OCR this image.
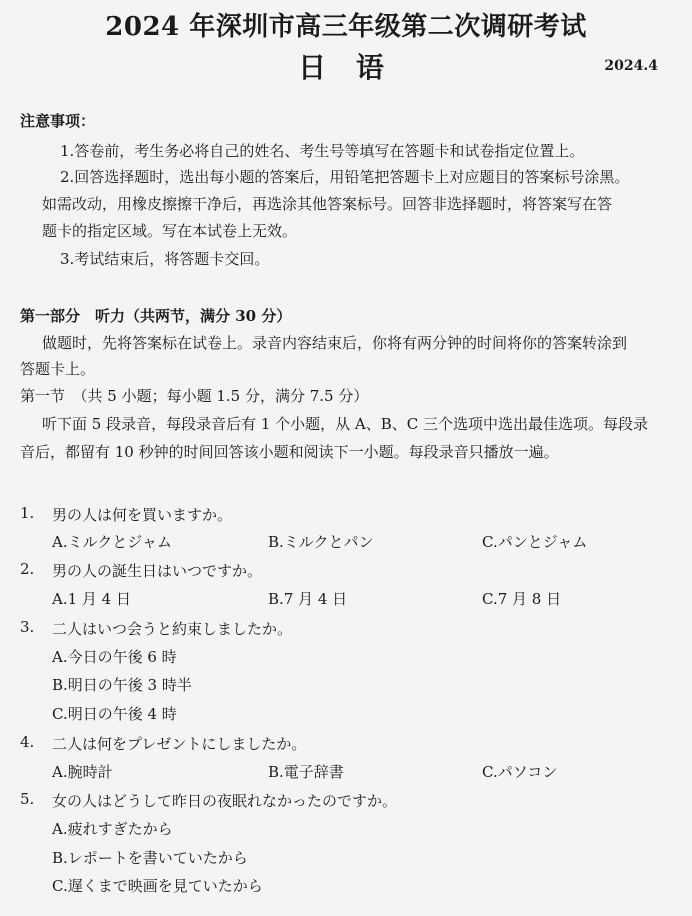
2024 年深圳市高三年级第二次调研考试
日 语	2024.4
注意事项：
1.答卷前，考生务必将自己的姓名、考生号等填写在答题卡和试卷指定位置上。
2.回答选择题时，选出每小题的答案后，用铅笔把答题卡上对应题目的答案标号涂黑。
如需改动，用橡皮擦擦干净后，再选涂其他答案标号。回答非选择题时，将答案写在答
题卡的指定区域。写在本试卷上无效。
3.考试结束后，将答题卡交回。
第一部分　听力（共两节，满分 30 分）
做题时，先将答案标在试卷上。录音内容结束后，你将有两分钟的时间将你的答案转涂到
答题卡上。
第一节　（共 5 小题；每小题 1.5 分，满分 7.5 分）
听下面 5 段录音，每段录音后有 1 个小题，从 A、B、C 三个选项中选出最佳选项。每段录
音后，都留有 10 秒钟的时间回答该小题和阅读下一小题。每段录音只播放一遍。
1. 男の人は何を買いますか。
A.ミルクとジャム	B.ミルクとパン	C.パンとジャム
2. 男の人の誕生日はいつですか。
A.1 月 4 日	B.7 月 4 日	C.7 月 8 日
3. 二人はいつ会うと約束しましたか。
A.今日の午後 6 時
B.明日の午後 3 時半
C.明日の午後 4 時
4. 二人は何をプレゼントにしましたか。
A.腕時計	B.電子辞書	C.パソコン
5. 女の人はどうして昨日の夜眠れなかったのですか。
A.疲れすぎたから
B.レポートを書いていたから
C.遅くまで映画を見ていたから
